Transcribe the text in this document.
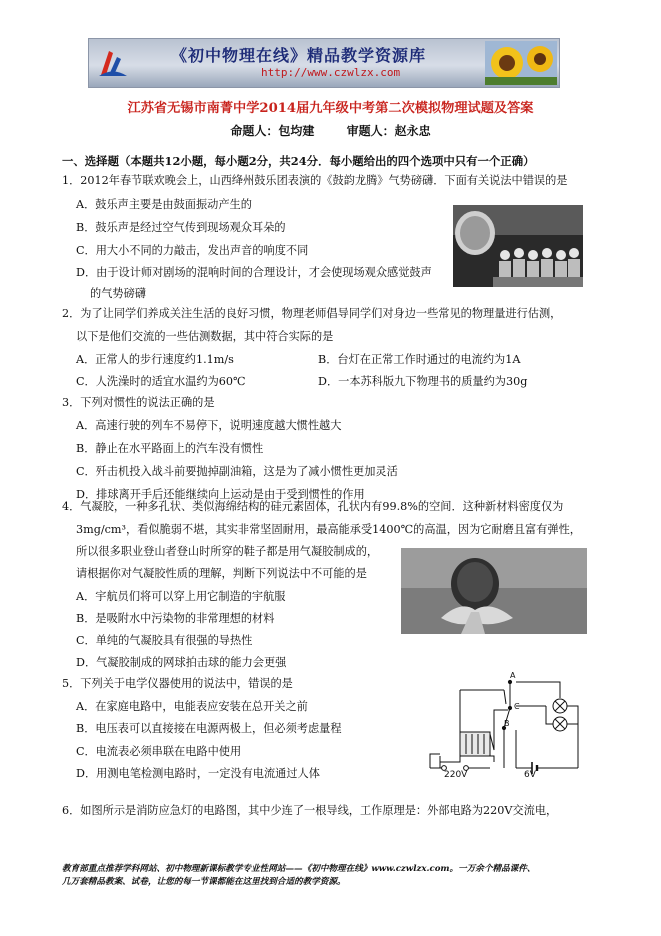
《初中物理在线》精品教学资源库
http://www.czwlzx.com
江苏省无锡市南菁中学2014届九年级中考第二次模拟物理试题及答案
命题人：包均建	审题人：赵永忠
一、选择题（本题共12小题，每小题2分，共24分．每小题给出的四个选项中只有一个正确）
1．2012年春节联欢晚会上，山西绛州鼓乐团表演的《鼓韵龙腾》气势磅礴．下面有关说法中错误的是
A．鼓乐声主要是由鼓面振动产生的
B．鼓乐声是经过空气传到现场观众耳朵的
C．用大小不同的力敲击，发出声音的响度不同
D．由于设计师对剧场的混响时间的合理设计，才会使现场观众感觉鼓声
的气势磅礴
2．为了让同学们养成关注生活的良好习惯，物理老师倡导同学们对身边一些常见的物理量进行估测，
以下是他们交流的一些估测数据，其中符合实际的是
A．正常人的步行速度约1.1m/s	B．台灯在正常工作时通过的电流约为1A
C．人洗澡时的适宜水温约为60℃	D．一本苏科版九下物理书的质量约为30g
3．下列对惯性的说法正确的是
A．高速行驶的列车不易停下，说明速度越大惯性越大
B．静止在水平路面上的汽车没有惯性
C．歼击机投入战斗前要抛掉副油箱，这是为了减小惯性更加灵活
D．排球离开手后还能继续向上运动是由于受到惯性的作用
4．气凝胶，一种多孔状、类似海绵结构的硅元素固体，孔状内有99.8%的空间．这种新材料密度仅为
3mg/cm³，看似脆弱不堪，其实非常坚固耐用，最高能承受1400℃的高温，因为它耐磨且富有弹性，
所以很多职业登山者登山时所穿的鞋子都是用气凝胶制成的，
请根据你对气凝胶性质的理解，判断下列说法中不可能的是
A．宇航员们将可以穿上用它制造的宇航服
B．是吸附水中污染物的非常理想的材料
C．单纯的气凝胶具有很强的导热性
D．气凝胶制成的网球拍击球的能力会更强
5．下列关于电学仪器使用的说法中，错误的是
A．在家庭电路中，电能表应安装在总开关之前
B．电压表可以直接接在电源两极上，但必须考虑量程
C．电流表必须串联在电路中使用
D．用测电笔检测电路时，一定没有电流通过人体
A
B
C
220V	6V
6．如图所示是消防应急灯的电路图，其中少连了一根导线，工作原理是：外部电路为220V交流电，
教育部重点推荐学科网站、初中物理新课标教学专业性网站——《初中物理在线》www.czwlzx.com。一万余个精品课件、
几万套精品教案、试卷，让您的每一节课都能在这里找到合适的教学资源。
